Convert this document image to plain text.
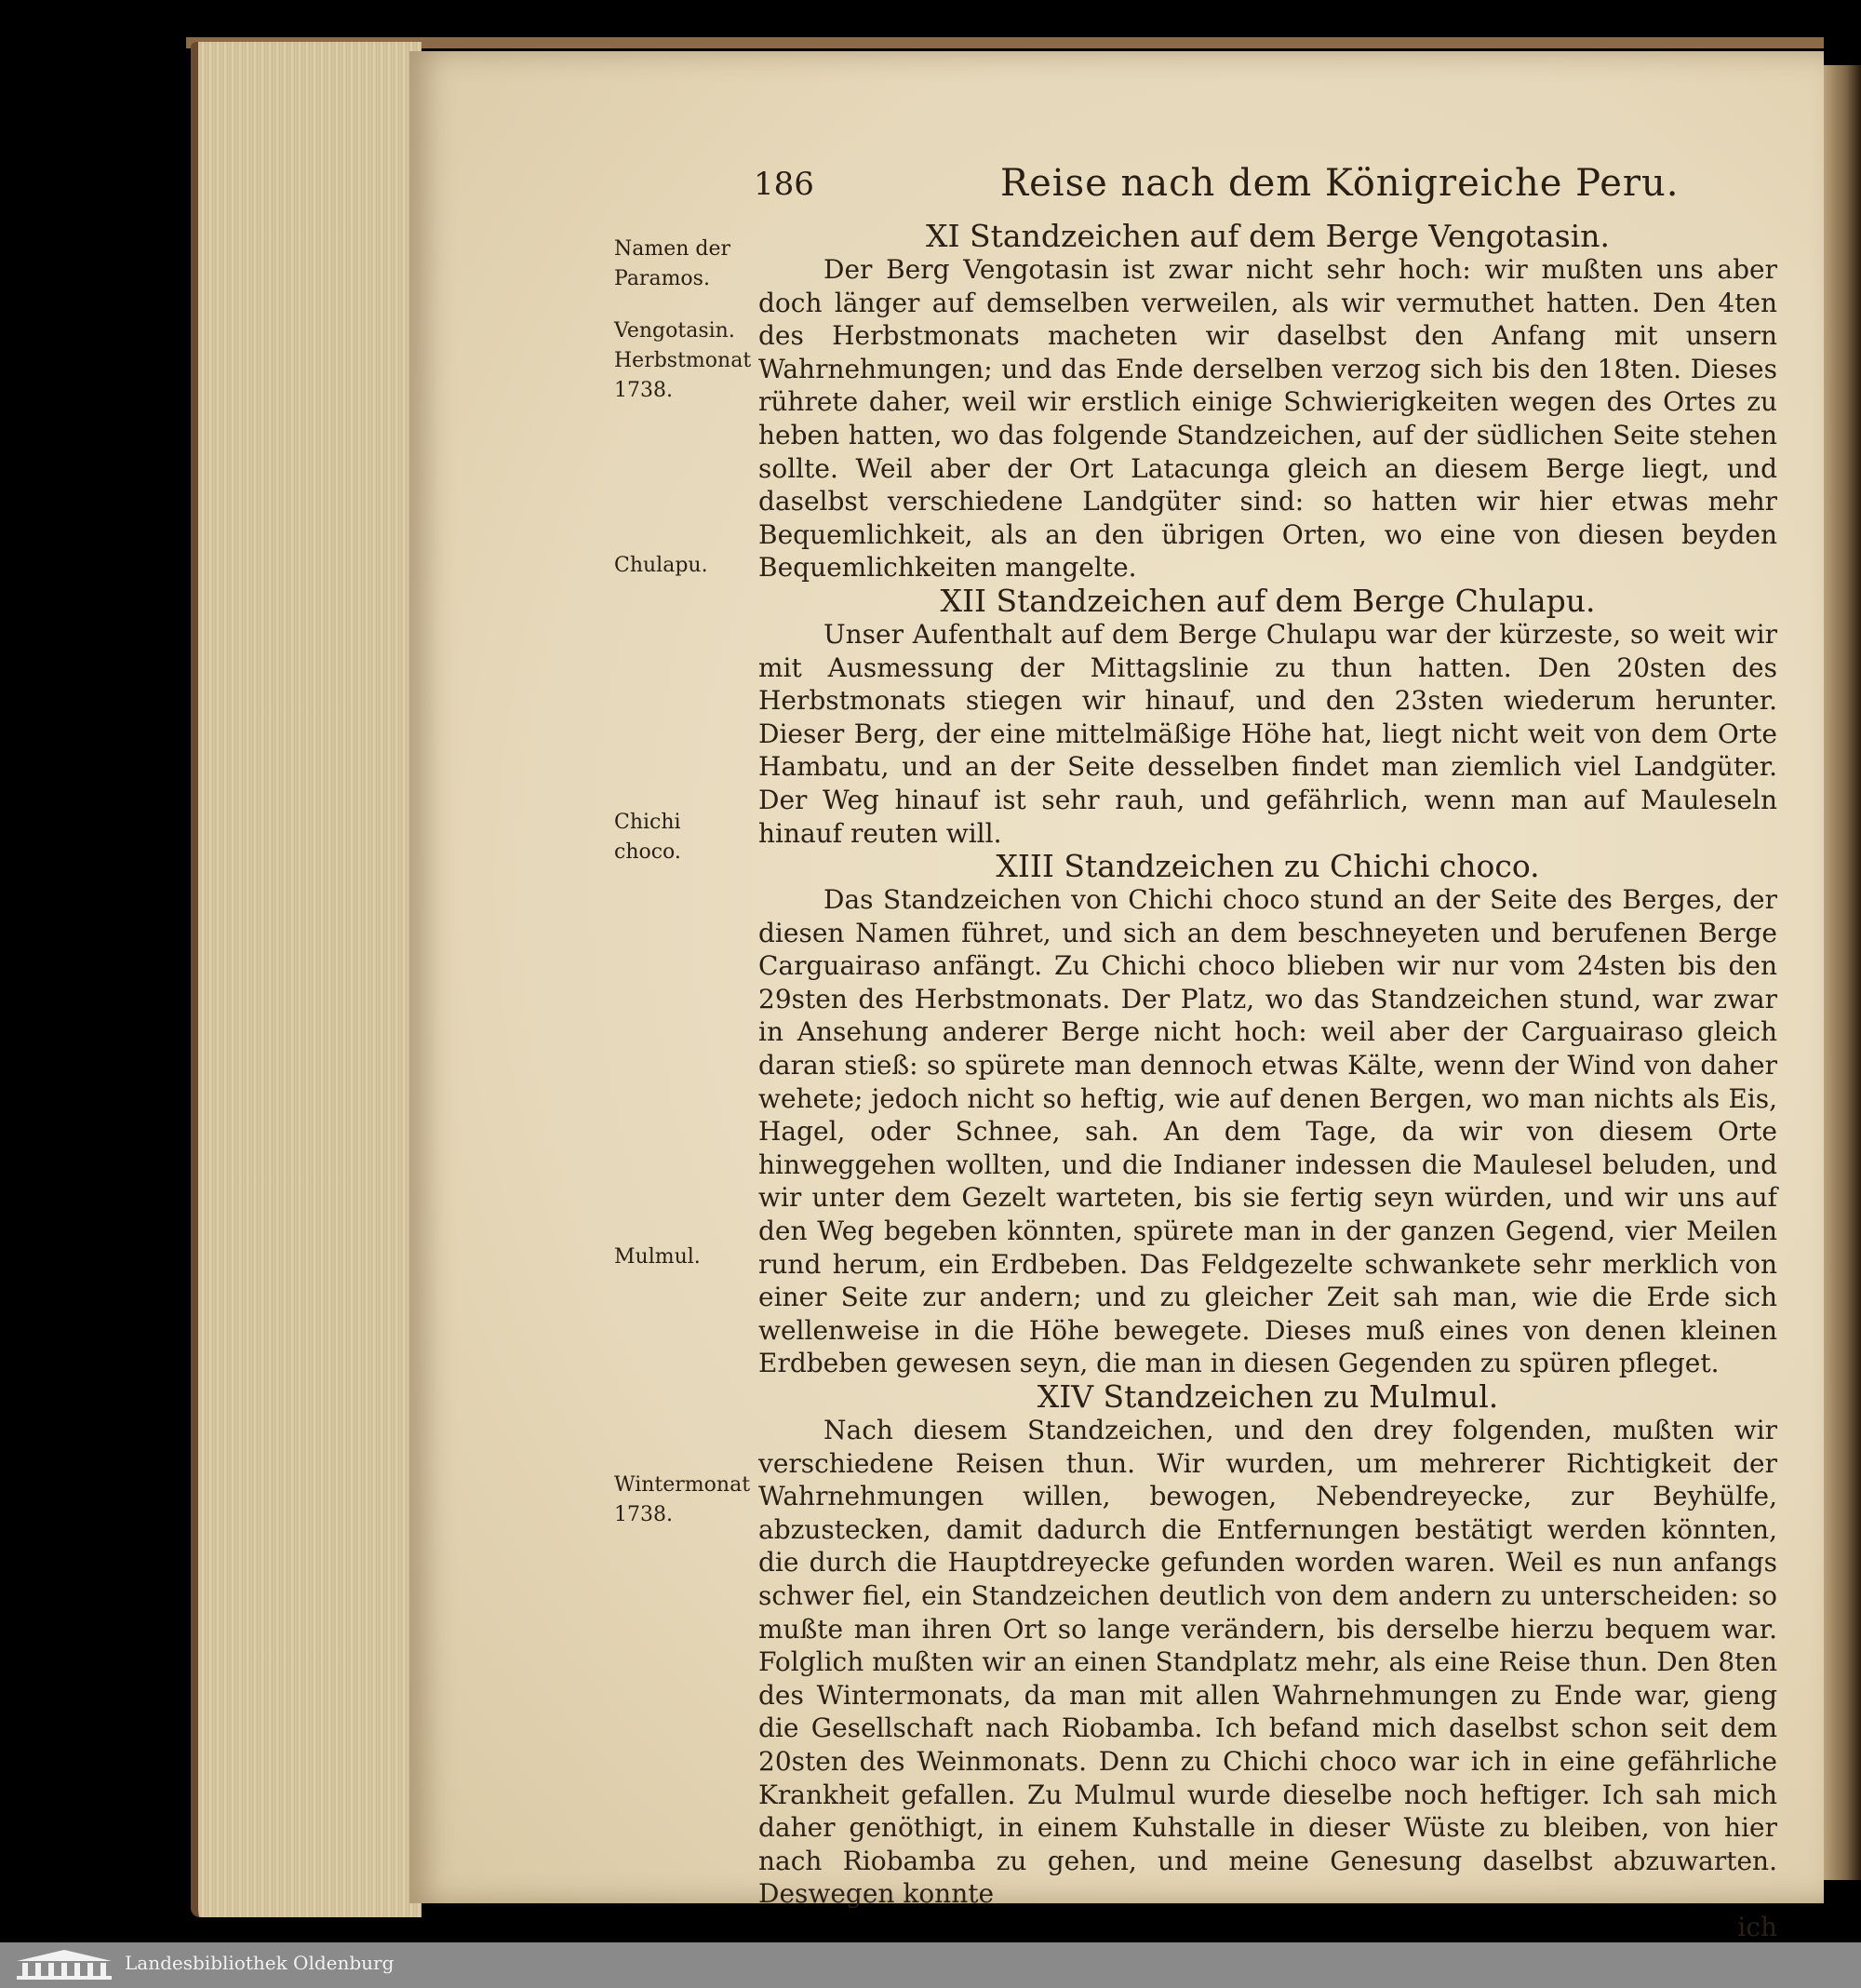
186	Reise nach dem Königreiche Peru.
Namen der Paramos.
Vengotasin. Herbstmonat 1738.
Chulapu.
Chichi choco.
Mulmul.
Wintermonat 1738.

XI Standzeichen auf dem Berge Vengotasin.

Der Berg Vengotasin ist zwar nicht sehr hoch: wir mußten uns aber doch länger auf demselben verweilen, als wir vermuthet hatten. Den 4ten des Herbstmonats macheten wir daselbst den Anfang mit unsern Wahrnehmungen; und das Ende derselben verzog sich bis den 18ten. Dieses rührete daher, weil wir erstlich einige Schwierigkeiten wegen des Ortes zu heben hatten, wo das folgende Standzeichen, auf der südlichen Seite stehen sollte. Weil aber der Ort Latacunga gleich an diesem Berge liegt, und daselbst verschiedene Landgüter sind: so hatten wir hier etwas mehr Bequemlichkeit, als an den übrigen Orten, wo eine von diesen beyden Bequemlichkeiten mangelte.

XII Standzeichen auf dem Berge Chulapu.

Unser Aufenthalt auf dem Berge Chulapu war der kürzeste, so weit wir mit Ausmessung der Mittagslinie zu thun hatten. Den 20sten des Herbstmonats stiegen wir hinauf, und den 23sten wiederum herunter. Dieser Berg, der eine mittelmäßige Höhe hat, liegt nicht weit von dem Orte Hambatu, und an der Seite desselben findet man ziemlich viel Landgüter. Der Weg hinauf ist sehr rauh, und gefährlich, wenn man auf Mauleseln hinauf reuten will.

XIII Standzeichen zu Chichi choco.

Das Standzeichen von Chichi choco stund an der Seite des Berges, der diesen Namen führet, und sich an dem beschneyeten und berufenen Berge Carguairaso anfängt. Zu Chichi choco blieben wir nur vom 24sten bis den 29sten des Herbstmonats. Der Platz, wo das Standzeichen stund, war zwar in Ansehung anderer Berge nicht hoch: weil aber der Carguairaso gleich daran stieß: so spürete man dennoch etwas Kälte, wenn der Wind von daher wehete; jedoch nicht so heftig, wie auf denen Bergen, wo man nichts als Eis, Hagel, oder Schnee, sah. An dem Tage, da wir von diesem Orte hinweggehen wollten, und die Indianer indessen die Maulesel beluden, und wir unter dem Gezelt warteten, bis sie fertig seyn würden, und wir uns auf den Weg begeben könnten, spürete man in der ganzen Gegend, vier Meilen rund herum, ein Erdbeben. Das Feldgezelte schwankete sehr merklich von einer Seite zur andern; und zu gleicher Zeit sah man, wie die Erde sich wellenweise in die Höhe bewegete. Dieses muß eines von denen kleinen Erdbeben gewesen seyn, die man in diesen Gegenden zu spüren pfleget.

XIV Standzeichen zu Mulmul.

Nach diesem Standzeichen, und den drey folgenden, mußten wir verschiedene Reisen thun. Wir wurden, um mehrerer Richtigkeit der Wahrnehmungen willen, bewogen, Nebendreyecke, zur Beyhülfe, abzustecken, damit dadurch die Entfernungen bestätigt werden könnten, die durch die Hauptdreyecke gefunden worden waren. Weil es nun anfangs schwer fiel, ein Standzeichen deutlich von dem andern zu unterscheiden: so mußte man ihren Ort so lange verändern, bis derselbe hierzu bequem war. Folglich mußten wir an einen Standplatz mehr, als eine Reise thun. Den 8ten des Wintermonats, da man mit allen Wahrnehmungen zu Ende war, gieng die Gesellschaft nach Riobamba. Ich befand mich daselbst schon seit dem 20sten des Weinmonats. Denn zu Chichi choco war ich in eine gefährliche Krankheit gefallen. Zu Mulmul wurde dieselbe noch heftiger. Ich sah mich daher genöthigt, in einem Kuhstalle in dieser Wüste zu bleiben, von hier nach Riobamba zu gehen, und meine Genesung daselbst abzuwarten. Deswegen konnte

ich

Landesbibliothek Oldenburg
